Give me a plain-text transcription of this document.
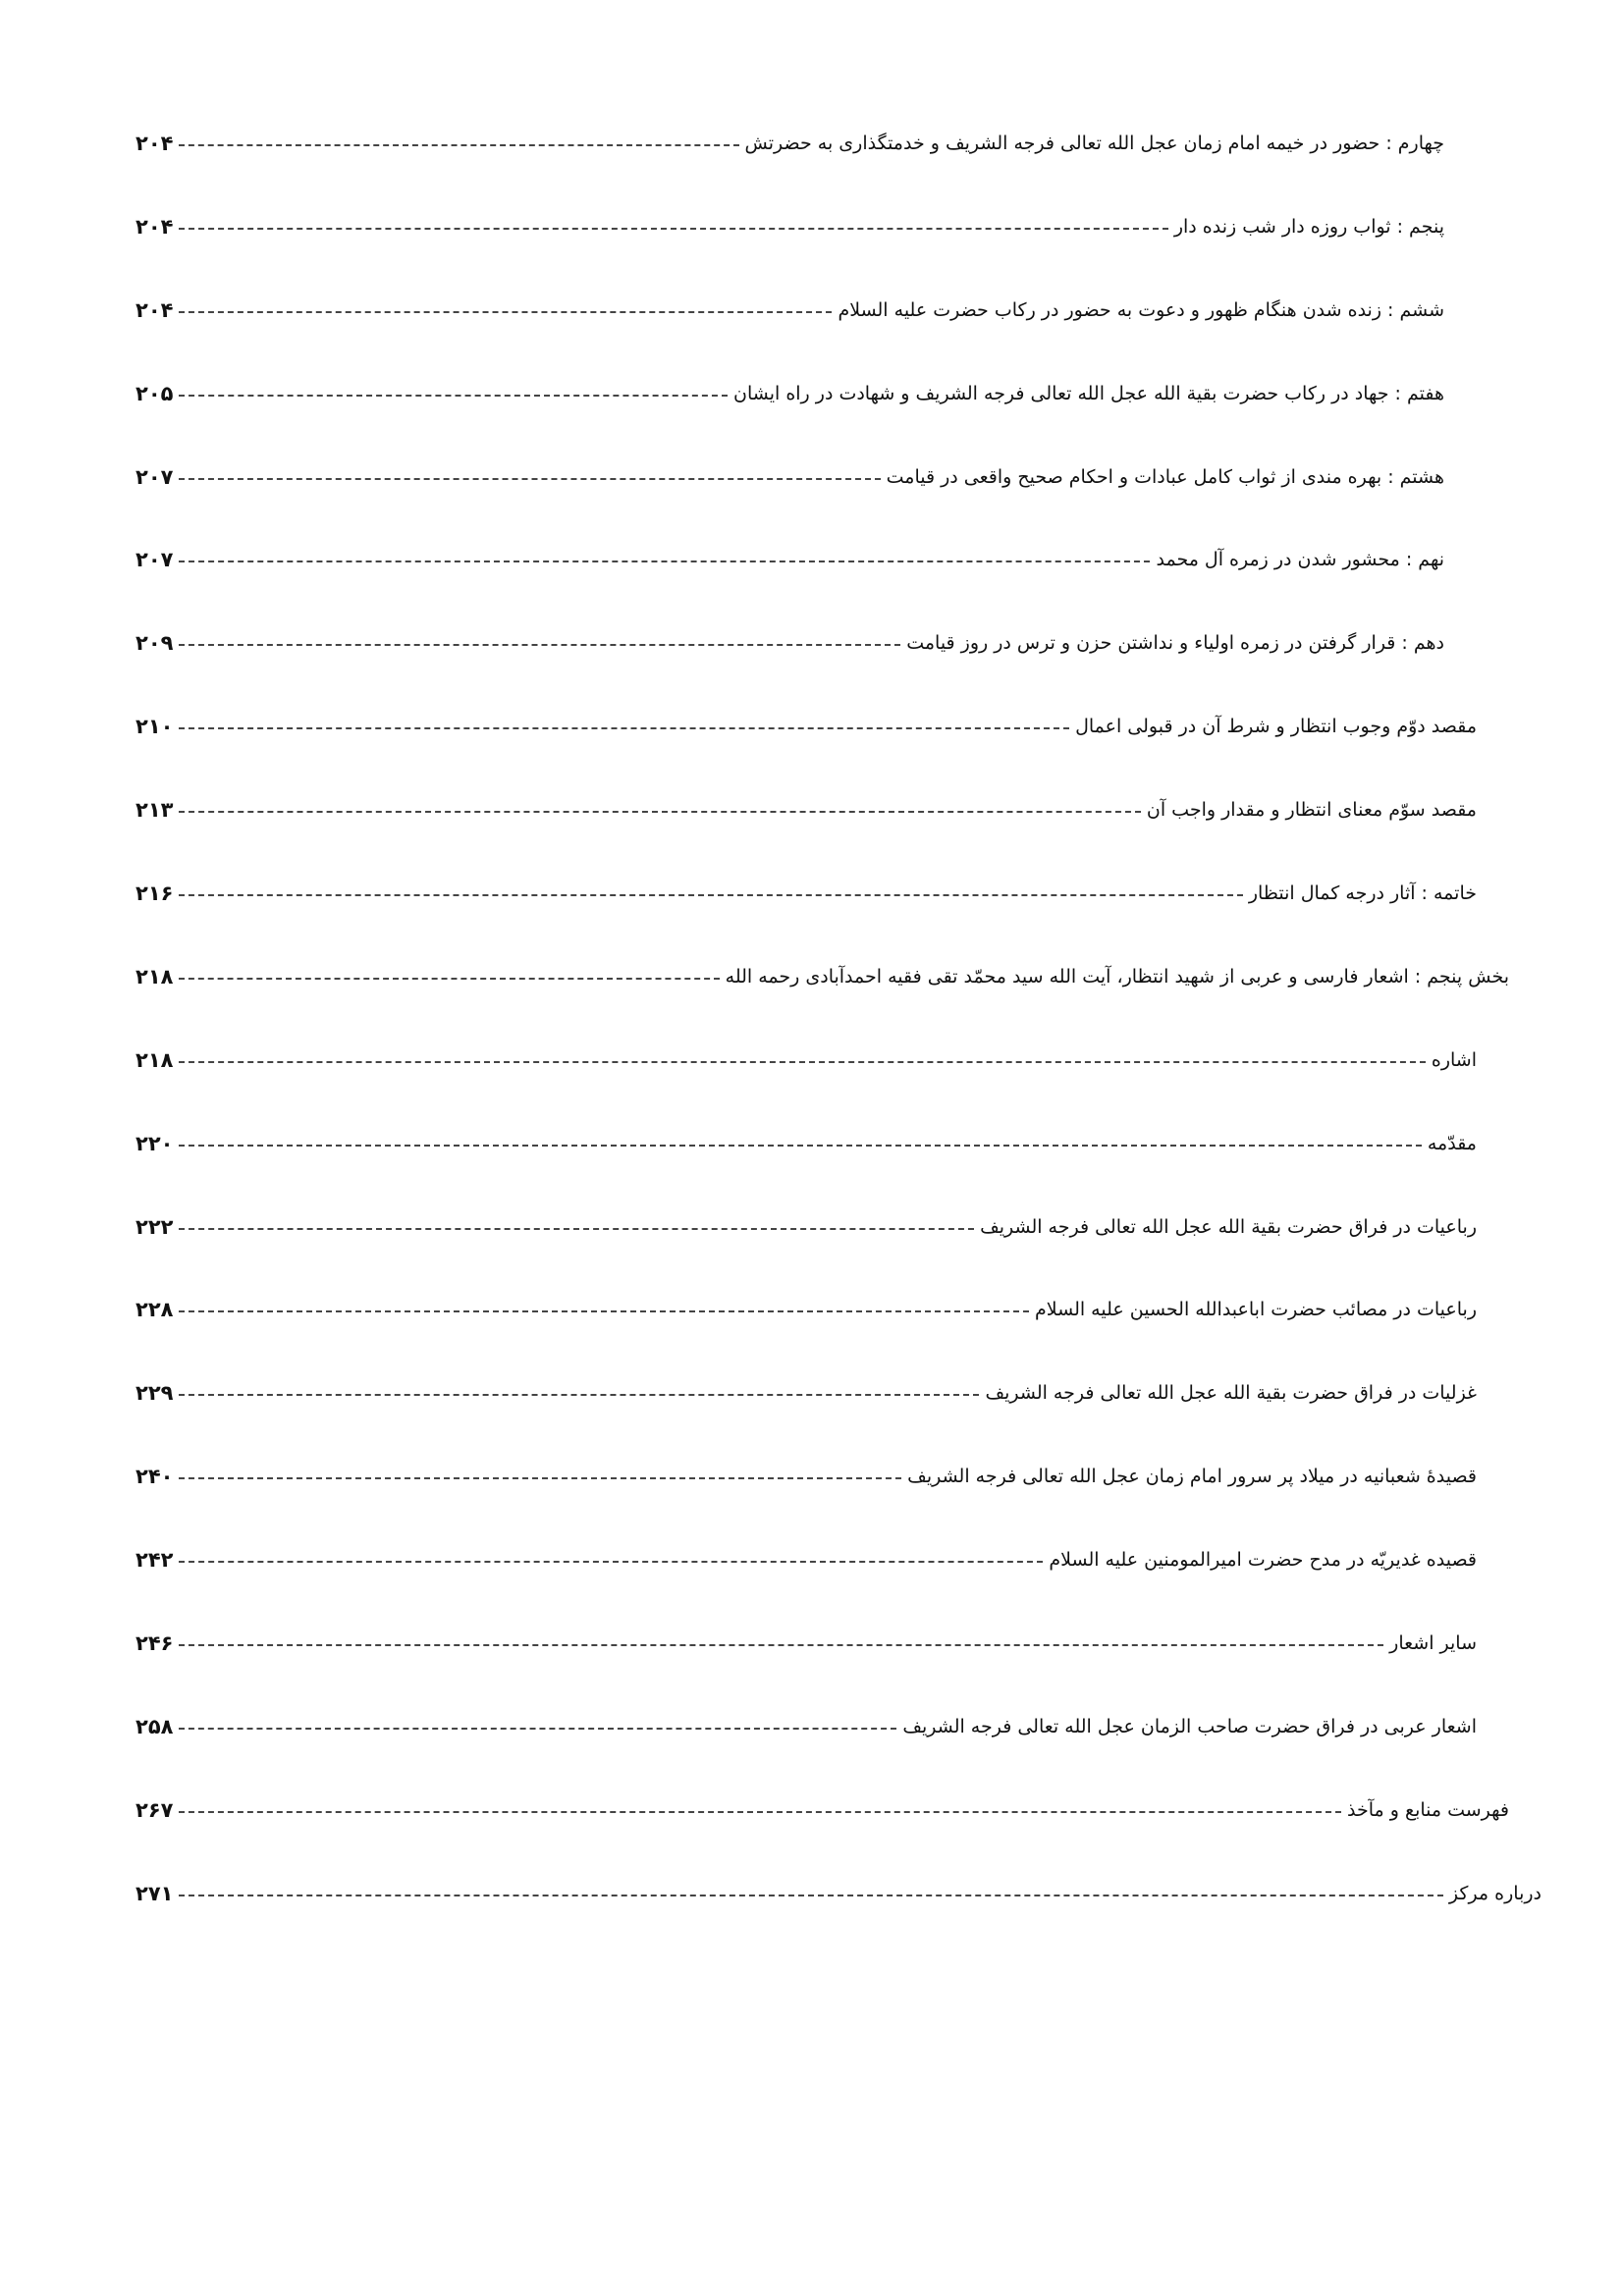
۲۰۴	چهارم : حضور در خیمه امام زمان عجل الله تعالی فرجه الشریف و خدمتگذاری به حضرتش
۲۰۴	پنجم : ثواب روزه دار شب زنده دار
۲۰۴	ششم : زنده شدن هنگام ظهور و دعوت به حضور در رکاب حضرت علیه السلام
۲۰۵	هفتم : جهاد در رکاب حضرت بقیة الله عجل الله تعالی فرجه الشریف و شهادت در راه ایشان
۲۰۷	هشتم : بهره مندی از ثواب کامل عبادات و احکام صحیح واقعی در قیامت
۲۰۷	نهم : محشور شدن در زمره آل محمد
۲۰۹	دهم : قرار گرفتن در زمره اولیاء و نداشتن حزن و ترس در روز قیامت
۲۱۰	مقصد دوّم وجوب انتظار و شرط آن در قبولی اعمال
۲۱۳	مقصد سوّم معنای انتظار و مقدار واجب آن
۲۱۶	خاتمه : آثار درجه کمال انتظار
۲۱۸	بخش پنجم : اشعار فارسی و عربی از شهید انتظار، آیت الله سید محمّد تقی فقیه احمدآبادی رحمه الله
۲۱۸	اشاره
۲۲۰	مقدّمه
۲۲۲	رباعیات در فراق حضرت بقیة الله عجل الله تعالی فرجه الشریف
۲۲۸	رباعیات در مصائب حضرت اباعبدالله الحسین علیه السلام
۲۲۹	غزلیات در فراق حضرت بقیة الله عجل الله تعالی فرجه الشریف
۲۴۰	قصیدهٔ شعبانیه در میلاد پر سرور امام زمان عجل الله تعالی فرجه الشریف
۲۴۲	قصیده غدیریّه در مدح حضرت امیرالمومنین علیه السلام
۲۴۶	سایر اشعار
۲۵۸	اشعار عربی در فراق حضرت صاحب الزمان عجل الله تعالی فرجه الشریف
۲۶۷	فهرست منابع و مآخذ
۲۷۱	درباره مرکز
